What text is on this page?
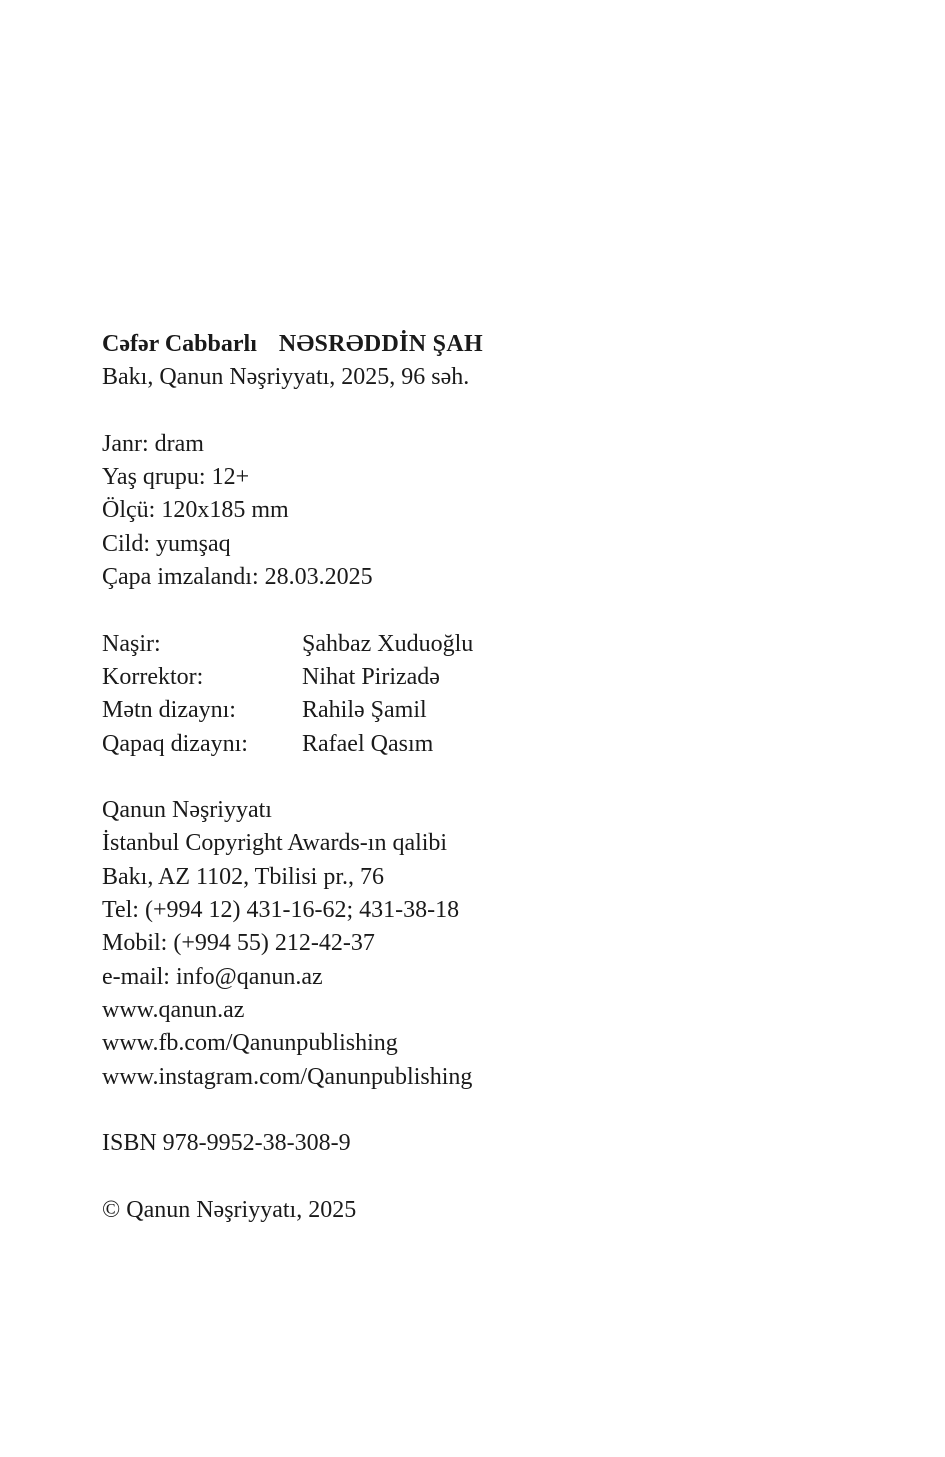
Cəfər Cabbarlı NƏSRƏDDİN ŞAH
Bakı, Qanun Nəşriyyatı, 2025, 96 səh.
Janr: dram
Yaş qrupu: 12+
Ölçü: 120x185 mm
Cild: yumşaq
Çapa imzalandı: 28.03.2025
Naşir:	Şahbaz Xuduoğlu
Korrektor:	Nihat Pirizadə
Mətn dizaynı:	Rahilə Şamil
Qapaq dizaynı:	Rafael Qasım
Qanun Nəşriyyatı
İstanbul Copyright Awards-ın qalibi
Bakı, AZ 1102, Tbilisi pr., 76
Tel: (+994 12) 431-16-62; 431-38-18
Mobil: (+994 55) 212-42-37
e-mail: info@qanun.az
www.qanun.az
www.fb.com/Qanunpublishing
www.instagram.com/Qanunpublishing
ISBN 978-9952-38-308-9
© Qanun Nəşriyyatı, 2025
